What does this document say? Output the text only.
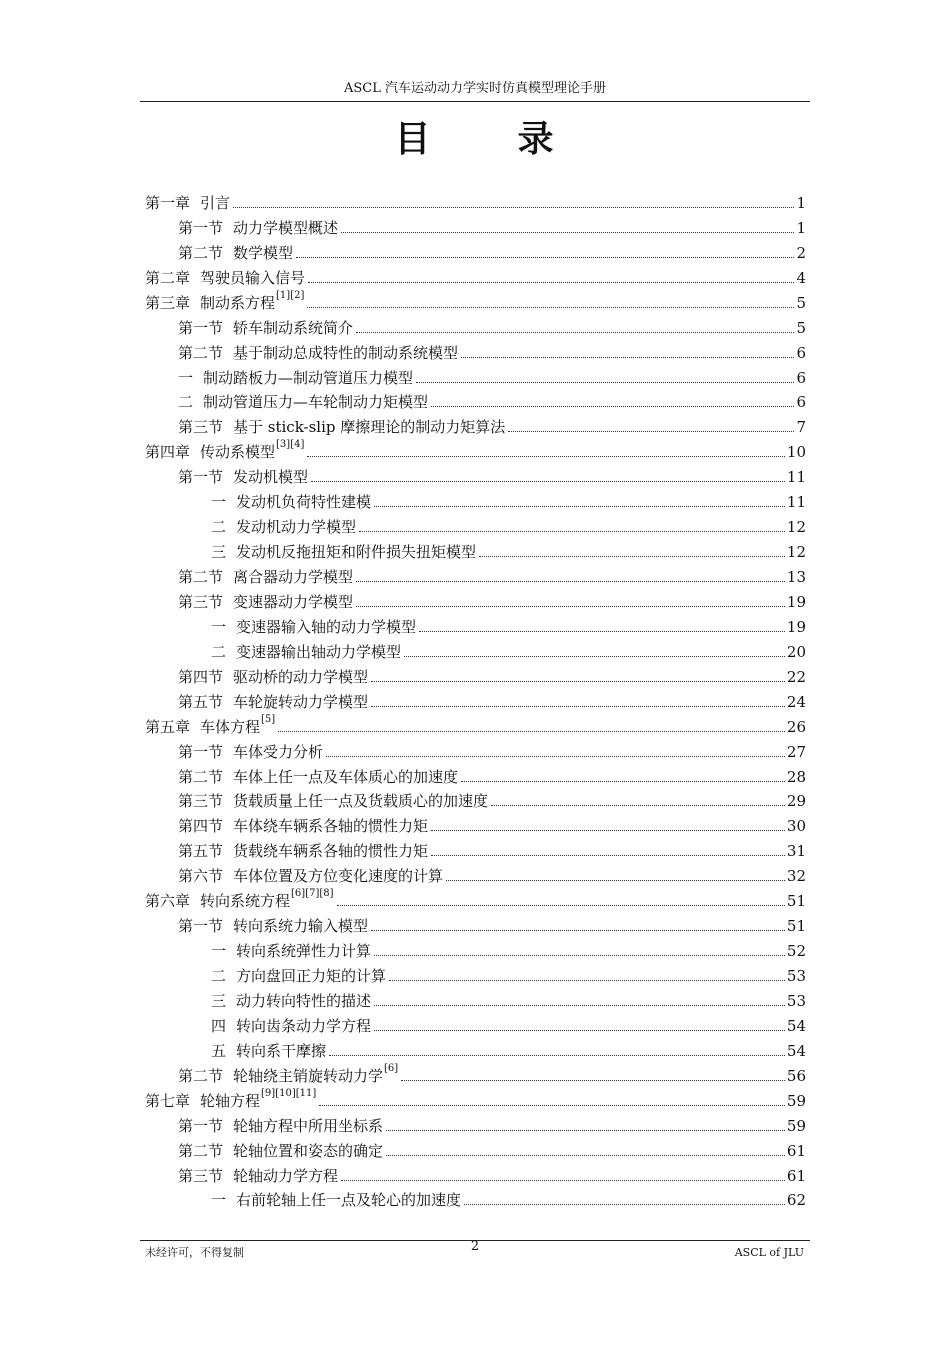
ASCL 汽车运动动力学实时仿真模型理论手册
目 录
第一章 引言	1
第一节 动力学模型概述	1
第二节 数学模型	2
第二章 驾驶员输入信号	4
第三章 制动系方程 [1][2]	5
第一节 轿车制动系统简介	5
第二节 基于制动总成特性的制动系统模型	6
一 制动踏板力—制动管道压力模型	6
二 制动管道压力—车轮制动力矩模型	6
第三节 基于 stick-slip 摩擦理论的制动力矩算法	7
第四章 传动系模型 [3][4]	10
第一节 发动机模型	11
一 发动机负荷特性建模	11
二 发动机动力学模型	12
三 发动机反拖扭矩和附件损失扭矩模型	12
第二节 离合器动力学模型	13
第三节 变速器动力学模型	19
一 变速器输入轴的动力学模型	19
二 变速器输出轴动力学模型	20
第四节 驱动桥的动力学模型	22
第五节 车轮旋转动力学模型	24
第五章 车体方程 [5]	26
第一节 车体受力分析	27
第二节 车体上任一点及车体质心的加速度	28
第三节 货载质量上任一点及货载质心的加速度	29
第四节 车体绕车辆系各轴的惯性力矩	30
第五节 货载绕车辆系各轴的惯性力矩	31
第六节 车体位置及方位变化速度的计算	32
第六章 转向系统方程 [6][7][8]	51
第一节 转向系统力输入模型	51
一 转向系统弹性力计算	52
二 方向盘回正力矩的计算	53
三 动力转向特性的描述	53
四 转向齿条动力学方程	54
五 转向系干摩擦	54
第二节 轮轴绕主销旋转动力学 [6]	56
第七章 轮轴方程 [9][10][11]	59
第一节 轮轴方程中所用坐标系	59
第二节 轮轴位置和姿态的确定	61
第三节 轮轴动力学方程	61
一 右前轮轴上任一点及轮心的加速度	62
未经许可，不得复制	2	ASCL of JLU
